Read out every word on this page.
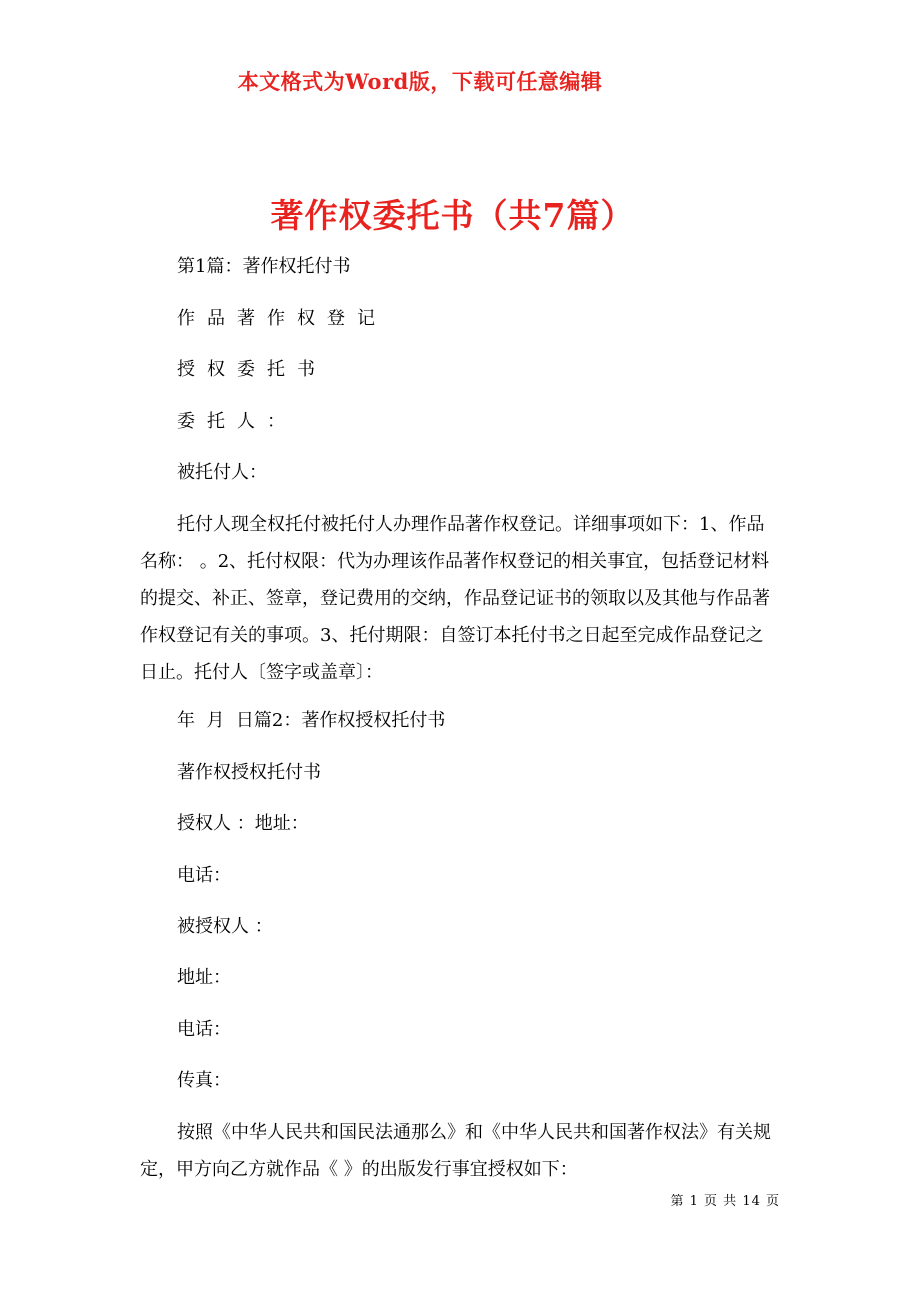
本文格式为Word版，下载可任意编辑
著作权委托书（共7篇）
第1篇：著作权托付书
作品著作权登记
授权委托书
委托人：
被托付人：

托付人现全权托付被托付人办理作品著作权登记。详细事项如下：1、作品
名称： 。2、托付权限：代为办理该作品著作权登记的相关事宜，包括登记材料
的提交、补正、签章，登记费用的交纳，作品登记证书的领取以及其他与作品著
作权登记有关的事项。3、托付期限：自签订本托付书之日起至完成作品登记之
日止。托付人〔签字或盖章〕：

年  月  日篇2：著作权授权托付书
著作权授权托付书
授权人 ：地址：
电话：
被授权人 ：
地址：
电话：
传真：

按照《中华人民共和国民法通那么》和《中华人民共和国著作权法》有关规
定，甲方向乙方就作品《 》的出版发行事宜授权如下：

第 1 页 共 14 页
